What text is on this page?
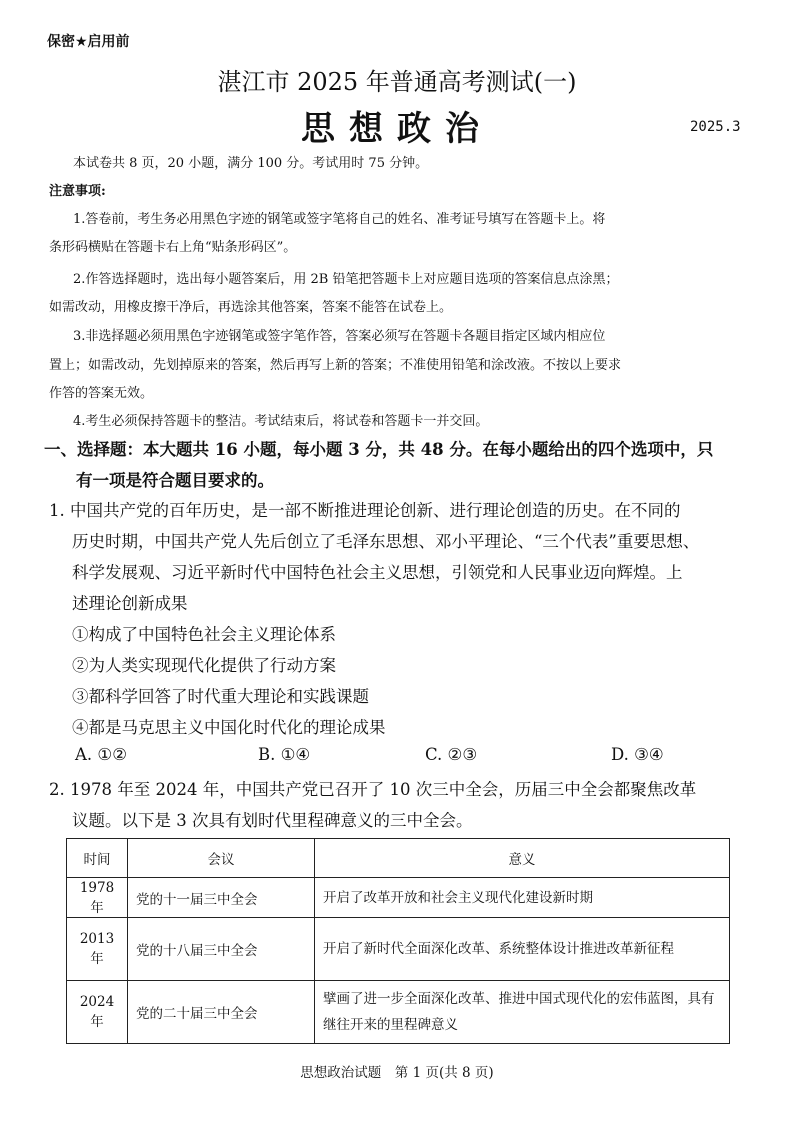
保密★启用前
湛江市 2025 年普通高考测试(一)
思想政治	2025.3
本试卷共 8 页，20 小题，满分 100 分。考试用时 75 分钟。
注意事项:
1.答卷前，考生务必用黑色字迹的钢笔或签字笔将自己的姓名、准考证号填写在答题卡上。将
条形码横贴在答题卡右上角“贴条形码区”。
2.作答选择题时，选出每小题答案后，用 2B 铅笔把答题卡上对应题目选项的答案信息点涂黑；
如需改动，用橡皮擦干净后，再选涂其他答案，答案不能答在试卷上。
3.非选择题必须用黑色字迹钢笔或签字笔作答，答案必须写在答题卡各题目指定区域内相应位
置上；如需改动，先划掉原来的答案，然后再写上新的答案；不准使用铅笔和涂改液。不按以上要求
作答的答案无效。
4.考生必须保持答题卡的整洁。考试结束后，将试卷和答题卡一并交回。
一、选择题：本大题共 16 小题，每小题 3 分，共 48 分。在每小题给出的四个选项中，只
有一项是符合题目要求的。
1. 中国共产党的百年历史，是一部不断推进理论创新、进行理论创造的历史。在不同的
历史时期，中国共产党人先后创立了毛泽东思想、邓小平理论、“三个代表”重要思想、
科学发展观、习近平新时代中国特色社会主义思想，引领党和人民事业迈向辉煌。上
述理论创新成果
①构成了中国特色社会主义理论体系
②为人类实现现代化提供了行动方案
③都科学回答了时代重大理论和实践课题
④都是马克思主义中国化时代化的理论成果
A. ①②	B. ①④	C. ②③	D. ③④
2. 1978 年至 2024 年，中国共产党已召开了 10 次三中全会，历届三中全会都聚焦改革
议题。以下是 3 次具有划时代里程碑意义的三中全会。
时间	会议	意义
1978 年	党的十一届三中全会	开启了改革开放和社会主义现代化建设新时期
2013 年	党的十八届三中全会	开启了新时代全面深化改革、系统整体设计推进改革新征程
2024 年	党的二十届三中全会	擘画了进一步全面深化改革、推进中国式现代化的宏伟蓝图，具有继往开来的里程碑意义
思想政治试题　第 1 页(共 8 页)
